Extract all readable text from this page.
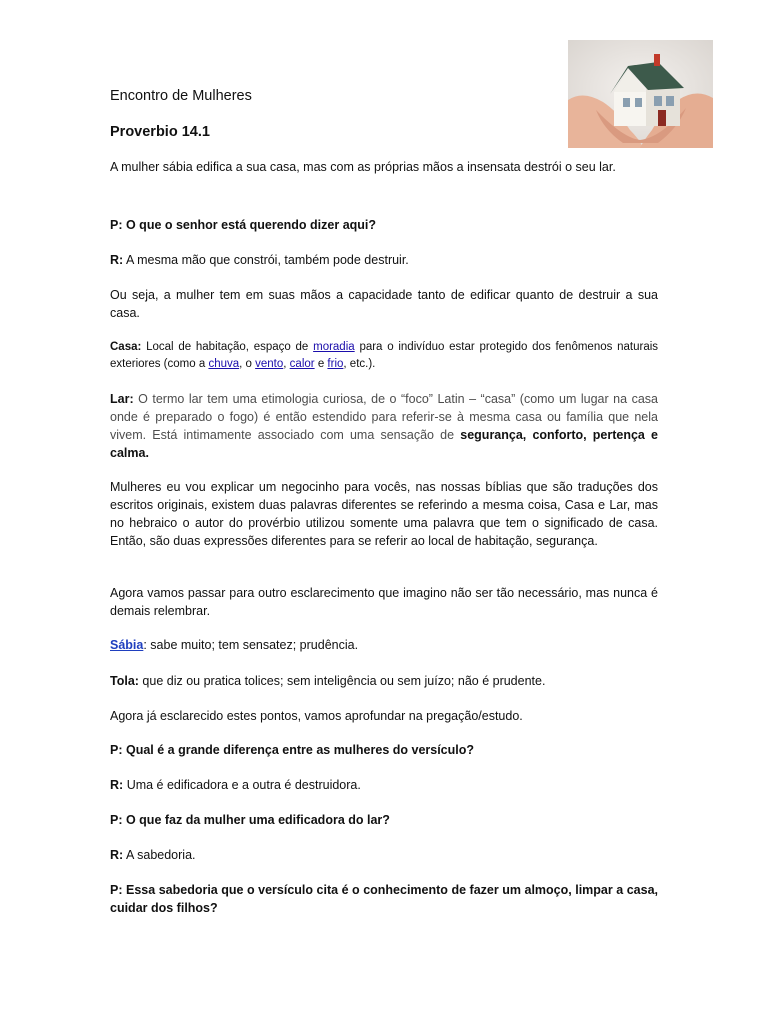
Encontro de Mulheres
Proverbio 14.1

A mulher sábia edifica a sua casa, mas com as próprias mãos a insensata destrói o seu lar.

P: O que o senhor está querendo dizer aqui?

R: A mesma mão que constrói, também pode destruir.

Ou seja, a mulher tem em suas mãos a capacidade tanto de edificar quanto de destruir a sua casa.

Casa: Local de habitação, espaço de moradia para o indivíduo estar protegido dos fenômenos naturais exteriores (como a chuva, o vento, calor e frio, etc.).

Lar: O termo lar tem uma etimologia curiosa, de o “foco” Latin – “casa” (como um lugar na casa onde é preparado o fogo) é então estendido para referir-se à mesma casa ou família que nela vivem. Está intimamente associado com uma sensação de segurança, conforto, pertença e calma.

Mulheres eu vou explicar um negocinho para vocês, nas nossas bíblias que são traduções dos escritos originais, existem duas palavras diferentes se referindo a mesma coisa, Casa e Lar, mas no hebraico o autor do provérbio utilizou somente uma palavra que tem o significado de casa. Então, são duas expressões diferentes para se referir ao local de habitação, segurança.

Agora vamos passar para outro esclarecimento que imagino não ser tão necessário, mas nunca é demais relembrar.

Sábia: sabe muito; tem sensatez; prudência.

Tola: que diz ou pratica tolices; sem inteligência ou sem juízo; não é prudente.

Agora já esclarecido estes pontos, vamos aprofundar na pregação/estudo.

P: Qual é a grande diferença entre as mulheres do versículo?

R: Uma é edificadora e a outra é destruidora.

P: O que faz da mulher uma edificadora do lar?

R: A sabedoria.

P: Essa sabedoria que o versículo cita é o conhecimento de fazer um almoço, limpar a casa, cuidar dos filhos?
